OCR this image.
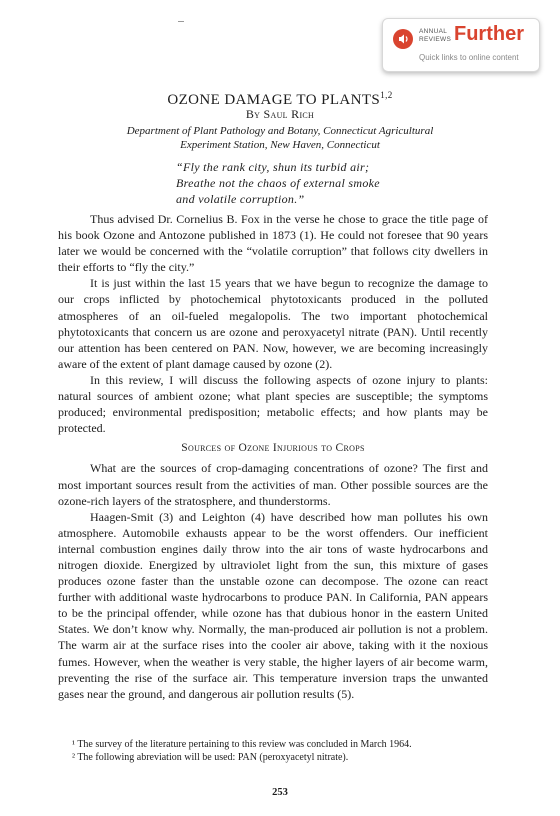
ANNUAL
REVIEWS Further
Quick links to online content
OZONE DAMAGE TO PLANTS$^{1,2}$
By Saul Rich
Department of Plant Pathology and Botany, Connecticut Agricultural
Experiment Station, New Haven, Connecticut
“Fly the rank city, shun its turbid air;
Breathe not the chaos of external smoke
and volatile corruption.”

Thus advised Dr. Cornelius B. Fox in the verse he chose to grace the title page of his book Ozone and Antozone published in 1873 (1). He could not foresee that 90 years later we would be concerned with the “volatile corruption” that follows city dwellers in their efforts to “fly the city.”

It is just within the last 15 years that we have begun to recognize the damage to our crops inflicted by photochemical phytotoxicants produced in the polluted atmospheres of an oil-fueled megalopolis. The two important photochemical phytotoxicants that concern us are ozone and peroxyacetyl nitrate (PAN). Until recently our attention has been centered on PAN. Now, however, we are becoming increasingly aware of the extent of plant damage caused by ozone (2).

In this review, I will discuss the following aspects of ozone injury to plants: natural sources of ambient ozone; what plant species are susceptible; the symptoms produced; environmental predisposition; metabolic effects; and how plants may be protected.

Sources of Ozone Injurious to Crops

What are the sources of crop-damaging concentrations of ozone? The first and most important sources result from the activities of man. Other possible sources are the ozone-rich layers of the stratosphere, and thunderstorms.

Haagen-Smit (3) and Leighton (4) have described how man pollutes his own atmosphere. Automobile exhausts appear to be the worst offenders. Our inefficient internal combustion engines daily throw into the air tons of waste hydrocarbons and nitrogen dioxide. Energized by ultraviolet light from the sun, this mixture of gases produces ozone faster than the unstable ozone can decompose. The ozone can react further with additional waste hydrocarbons to produce PAN. In California, PAN appears to be the principal offender, while ozone has that dubious honor in the eastern United States. We don’t know why. Normally, the man-produced air pollution is not a problem. The warm air at the surface rises into the cooler air above, taking with it the noxious fumes. However, when the weather is very stable, the higher layers of air become warm, preventing the rise of the surface air. This temperature inversion traps the unwanted gases near the ground, and dangerous air pollution results (5).

¹ The survey of the literature pertaining to this review was concluded in March 1964.

² The following abreviation will be used: PAN (peroxyacetyl nitrate).

253
